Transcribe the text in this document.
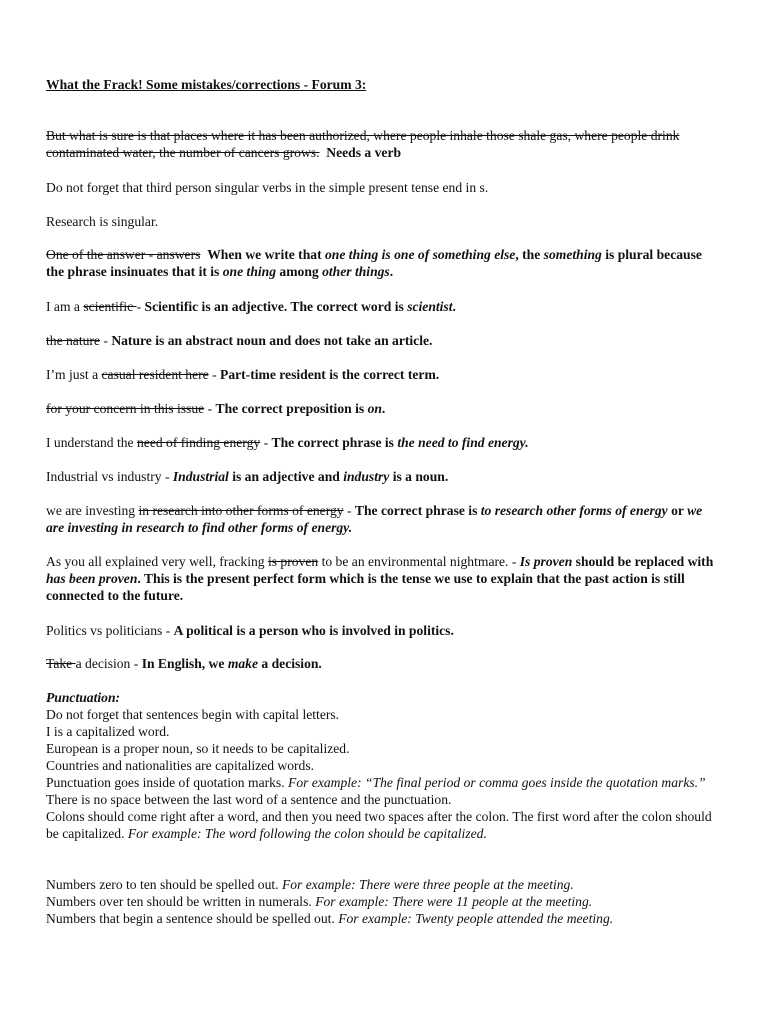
What the Frack! Some mistakes/corrections - Forum 3:

But what is sure is that places where it has been authorized, where people inhale those shale gas, where people drink contaminated water, the number of cancers grows. Needs a verb

Do not forget that third person singular verbs in the simple present tense end in s.

Research is singular.

One of the answer - answers When we write that one thing is one of something else, the something is plural because the phrase insinuates that it is one thing among other things.

I am a scientific - Scientific is an adjective. The correct word is scientist.

the nature - Nature is an abstract noun and does not take an article.

I’m just a casual resident here - Part-time resident is the correct term.

for your concern in this issue - The correct preposition is on.

I understand the need of finding energy - The correct phrase is the need to find energy.

Industrial vs industry - Industrial is an adjective and industry is a noun.

we are investing in research into other forms of energy - The correct phrase is to research other forms of energy or we are investing in research to find other forms of energy.

As you all explained very well, fracking is proven to be an environmental nightmare. - Is proven should be replaced with has been proven. This is the present perfect form which is the tense we use to explain that the past action is still connected to the future.

Politics vs politicians - A political is a person who is involved in politics.

Take a decision - In English, we make a decision.

Punctuation:
Do not forget that sentences begin with capital letters.
I is a capitalized word.
European is a proper noun, so it needs to be capitalized.
Countries and nationalities are capitalized words.
Punctuation goes inside of quotation marks. For example: “The final period or comma goes inside the quotation marks.”
There is no space between the last word of a sentence and the punctuation.
Colons should come right after a word, and then you need two spaces after the colon. The first word after the colon should be capitalized. For example: The word following the colon should be capitalized.
Numbers zero to ten should be spelled out. For example: There were three people at the meeting.
Numbers over ten should be written in numerals. For example: There were 11 people at the meeting.
Numbers that begin a sentence should be spelled out. For example: Twenty people attended the meeting.
